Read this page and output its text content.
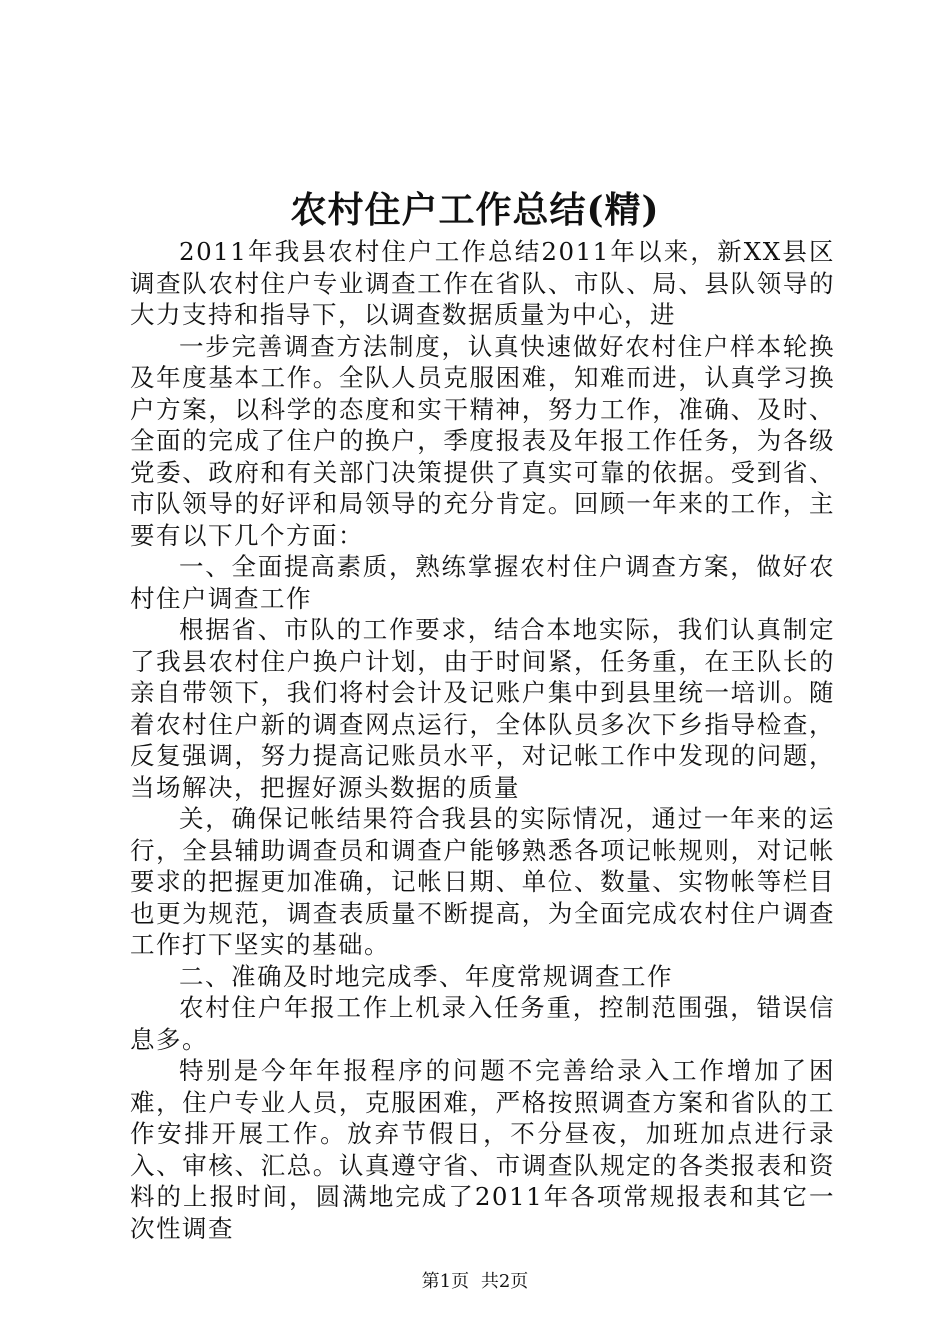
农村住户工作总结(精)

2011年我县农村住户工作总结2011年以来，新XX县区调查队农村住户专业调查工作在省队、市队、局、县队领导的大力支持和指导下，以调查数据质量为中心，进

一步完善调查方法制度，认真快速做好农村住户样本轮换及年度基本工作。全队人员克服困难，知难而进，认真学习换户方案，以科学的态度和实干精神，努力工作，准确、及时、全面的完成了住户的换户，季度报表及年报工作任务，为各级党委、政府和有关部门决策提供了真实可靠的依据。受到省、市队领导的好评和局领导的充分肯定。回顾一年来的工作，主要有以下几个方面：

一、全面提高素质，熟练掌握农村住户调查方案，做好农村住户调查工作

根据省、市队的工作要求，结合本地实际，我们认真制定了我县农村住户换户计划，由于时间紧，任务重，在王队长的亲自带领下，我们将村会计及记账户集中到县里统一培训。随着农村住户新的调查网点运行，全体队员多次下乡指导检查，反复强调，努力提高记账员水平，对记帐工作中发现的问题，当场解决，把握好源头数据的质量

关，确保记帐结果符合我县的实际情况，通过一年来的运行，全县辅助调查员和调查户能够熟悉各项记帐规则，对记帐要求的把握更加准确，记帐日期、单位、数量、实物帐等栏目也更为规范，调查表质量不断提高，为全面完成农村住户调查工作打下坚实的基础。

二、准确及时地完成季、年度常规调查工作

农村住户年报工作上机录入任务重，控制范围强，错误信息多。

特别是今年年报程序的问题不完善给录入工作增加了困难，住户专业人员，克服困难，严格按照调查方案和省队的工作安排开展工作。放弃节假日，不分昼夜，加班加点进行录入、审核、汇总。认真遵守省、市调查队规定的各类报表和资料的上报时间，圆满地完成了2011年各项常规报表和其它一次性调查

第1页 共2页
